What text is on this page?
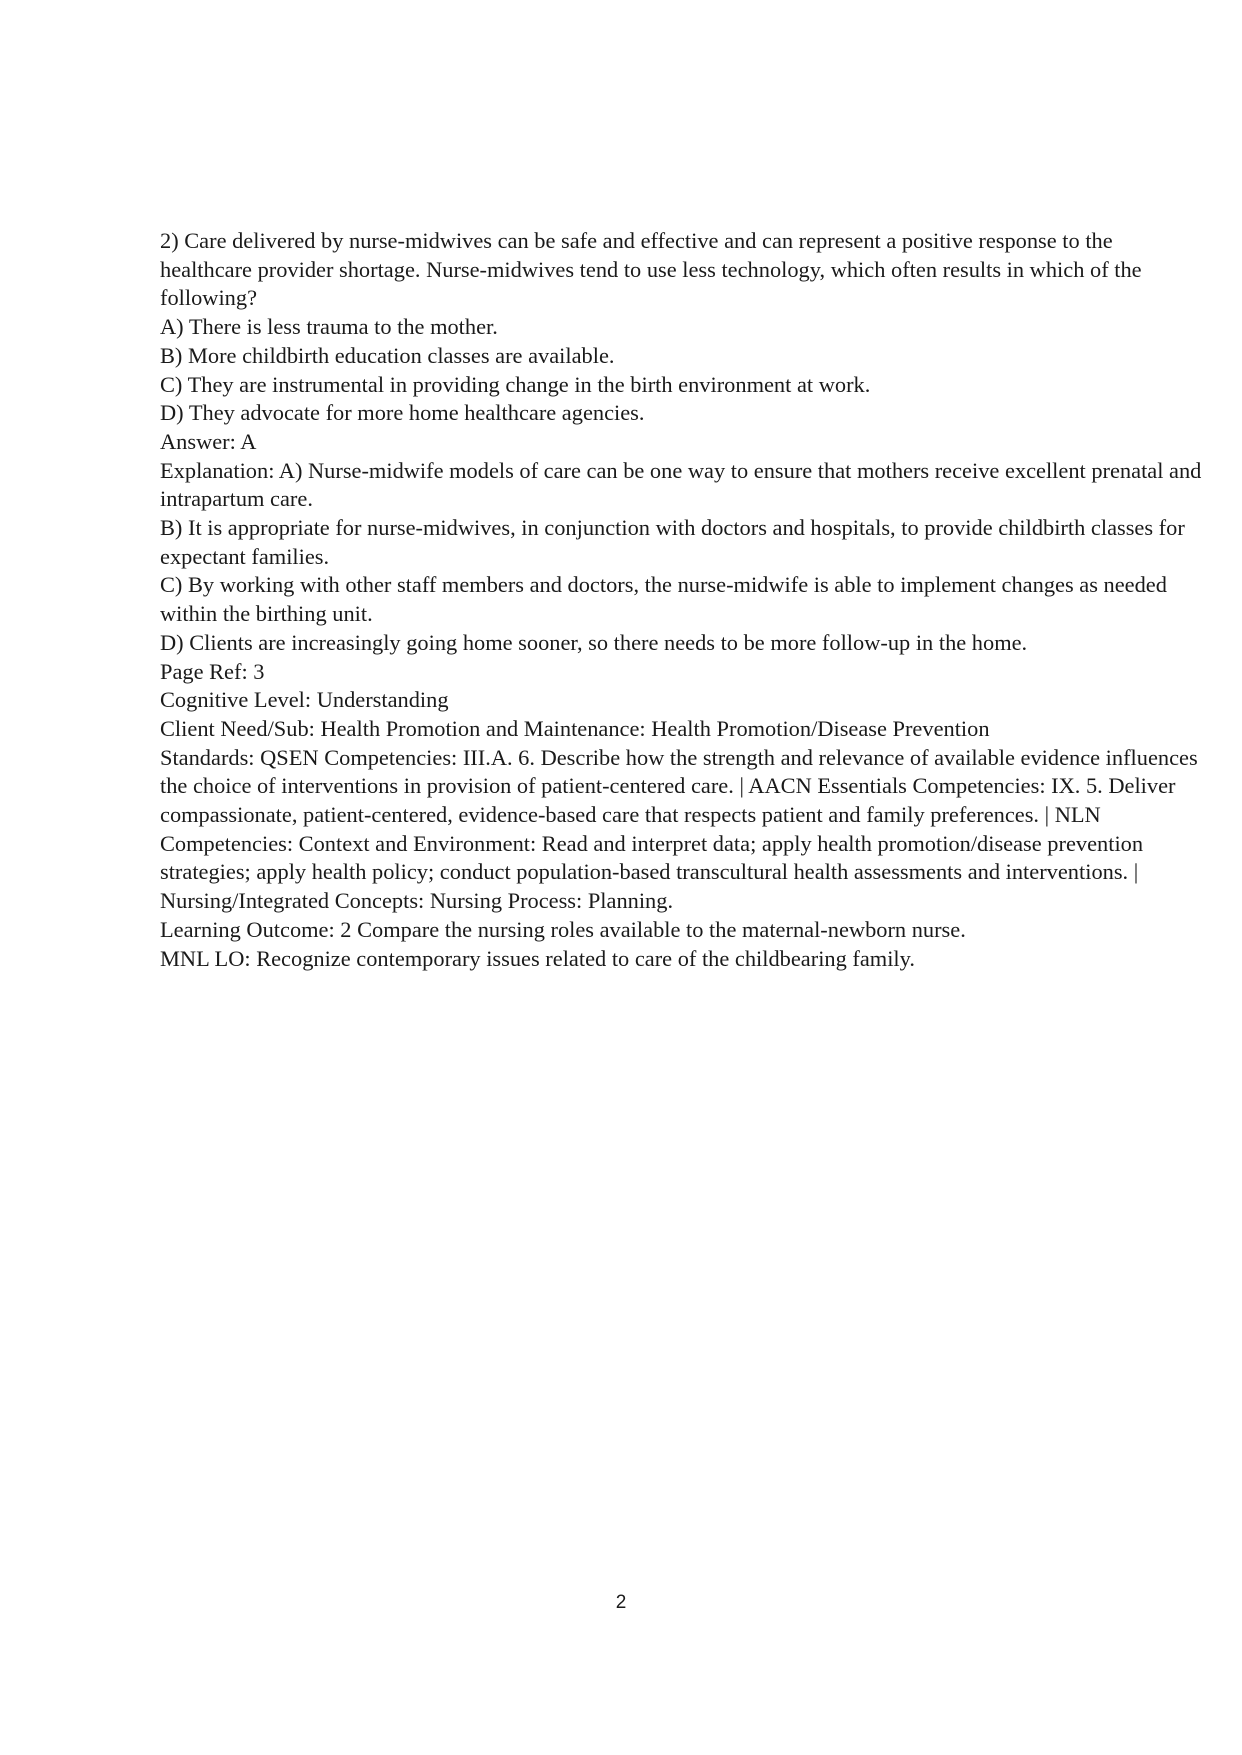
2) Care delivered by nurse-midwives can be safe and effective and can represent a positive response to the healthcare provider shortage. Nurse-midwives tend to use less technology, which often results in which of the following?

A) There is less trauma to the mother.

B) More childbirth education classes are available.

C) They are instrumental in providing change in the birth environment at work.

D) They advocate for more home healthcare agencies.

Answer: A

Explanation: A) Nurse-midwife models of care can be one way to ensure that mothers receive excellent prenatal and intrapartum care.

B) It is appropriate for nurse-midwives, in conjunction with doctors and hospitals, to provide childbirth classes for expectant families.

C) By working with other staff members and doctors, the nurse-midwife is able to implement changes as needed within the birthing unit.

D) Clients are increasingly going home sooner, so there needs to be more follow-up in the home.

Page Ref: 3

Cognitive Level: Understanding

Client Need/Sub: Health Promotion and Maintenance: Health Promotion/Disease Prevention

Standards: QSEN Competencies: III.A. 6. Describe how the strength and relevance of available evidence influences the choice of interventions in provision of patient-centered care. | AACN Essentials Competencies: IX. 5. Deliver compassionate, patient-centered, evidence-based care that respects patient and family preferences. | NLN Competencies: Context and Environment: Read and interpret data; apply health promotion/disease prevention strategies; apply health policy; conduct population-based transcultural health assessments and interventions. | Nursing/Integrated Concepts: Nursing Process: Planning.

Learning Outcome: 2 Compare the nursing roles available to the maternal-newborn nurse.

MNL LO: Recognize contemporary issues related to care of the childbearing family.

2
